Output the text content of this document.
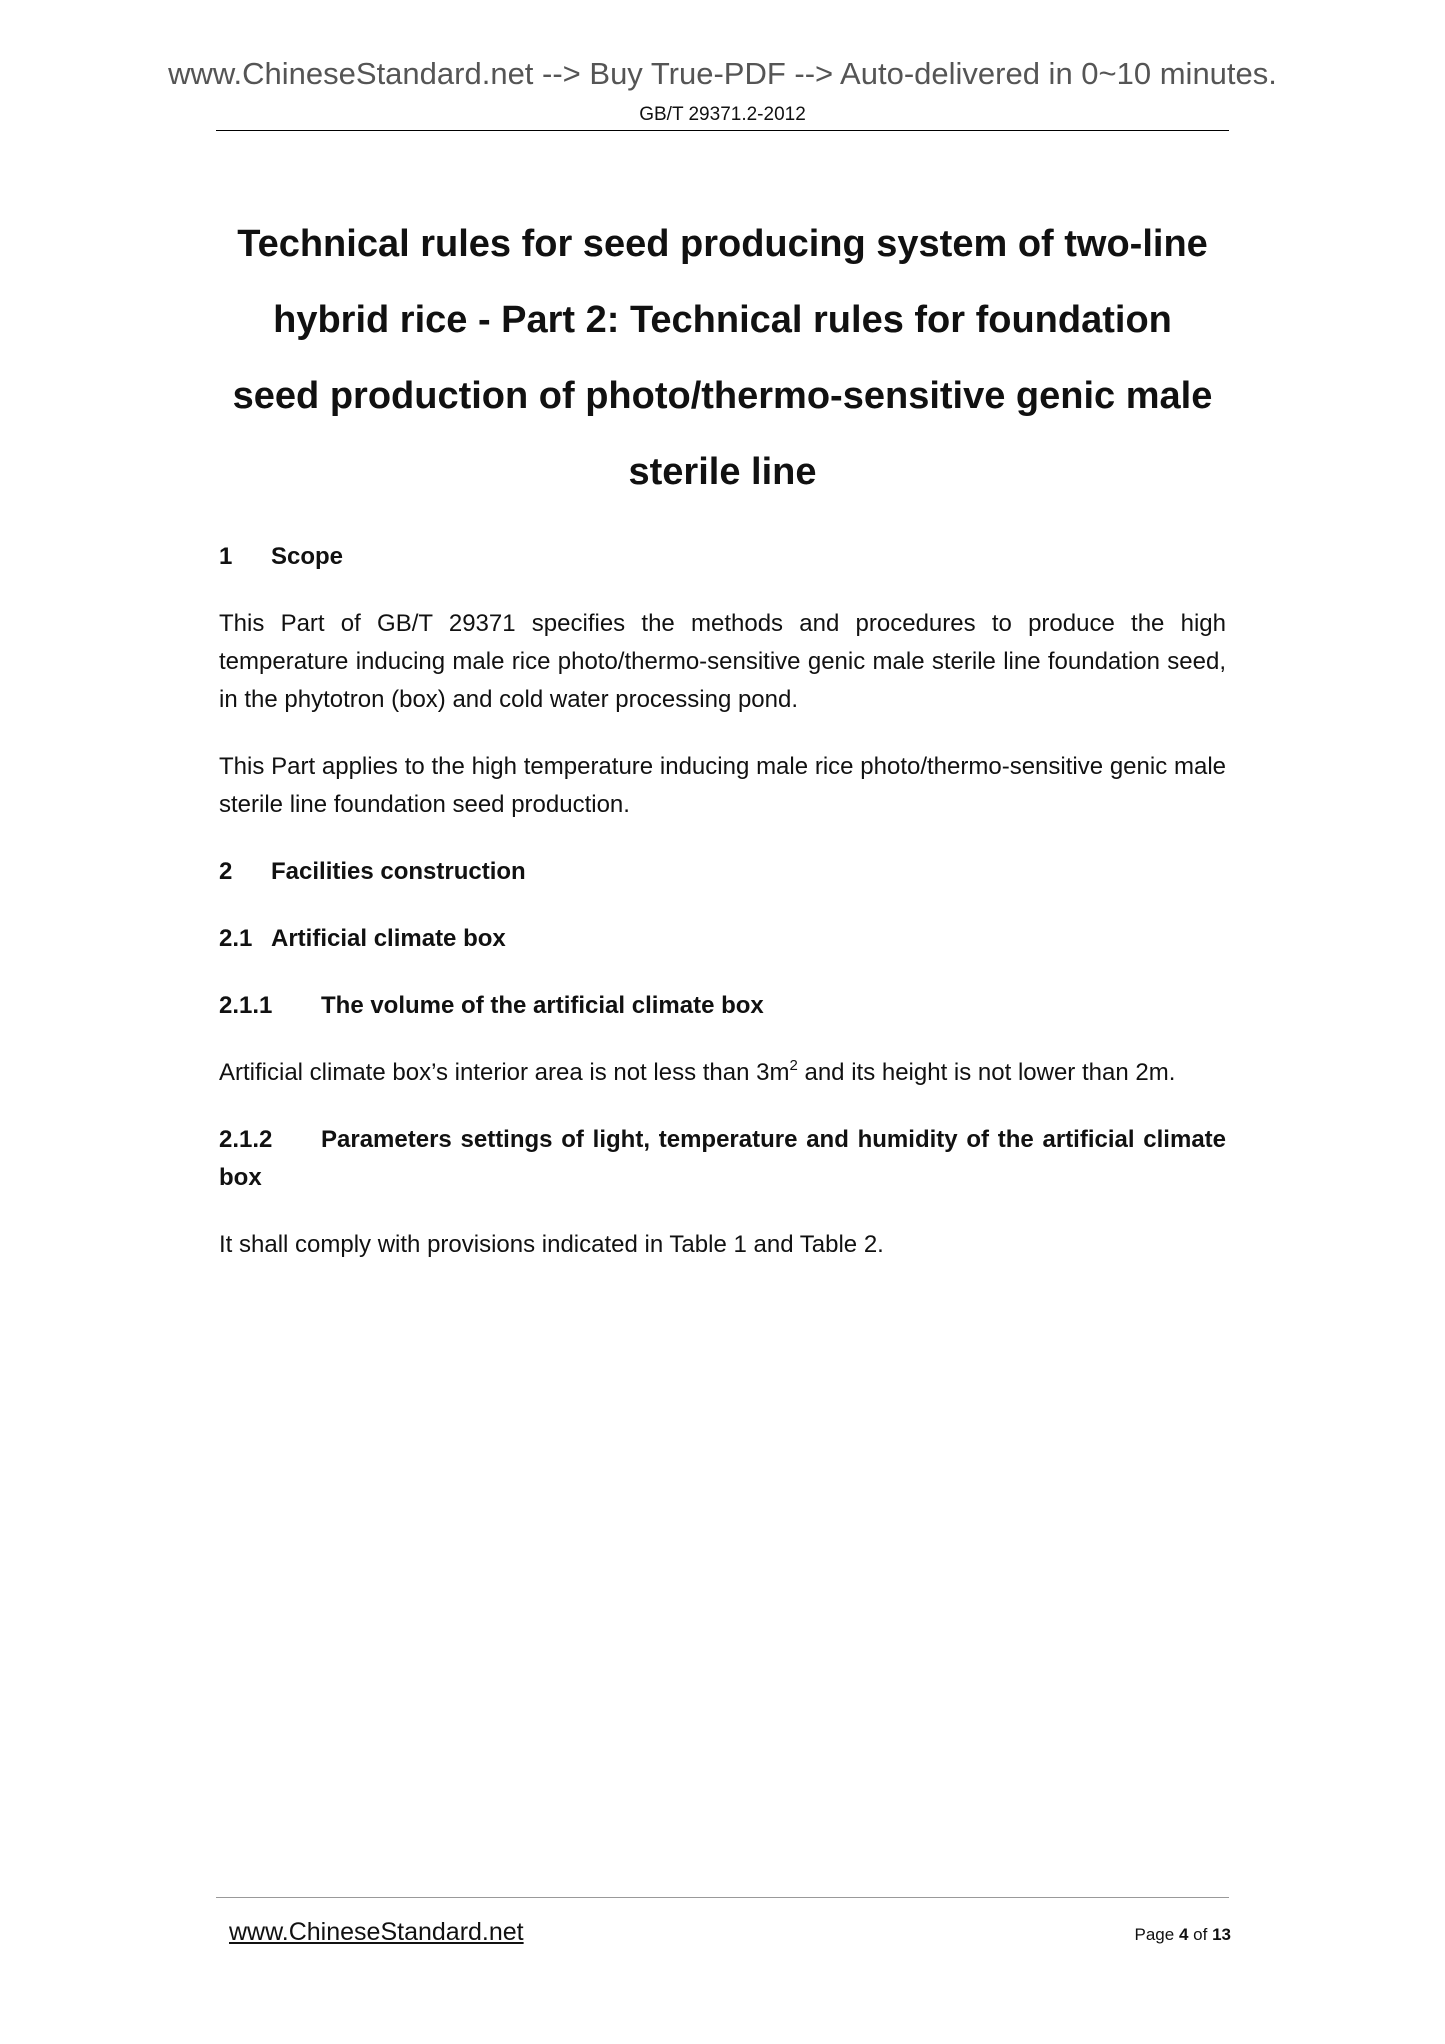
www.ChineseStandard.net --> Buy True-PDF --> Auto-delivered in 0~10 minutes.
GB/T 29371.2-2012
Technical rules for seed producing system of two-line
hybrid rice - Part 2: Technical rules for foundation
seed production of photo/thermo-sensitive genic male
sterile line

1 Scope

This Part of GB/T 29371 specifies the methods and procedures to produce the high temperature inducing male rice photo/thermo-sensitive genic male sterile line foundation seed, in the phytotron (box) and cold water processing pond.

This Part applies to the high temperature inducing male rice photo/thermo-sensitive genic male sterile line foundation seed production.

2 Facilities construction

2.1 Artificial climate box

2.1.1 The volume of the artificial climate box

Artificial climate box’s interior area is not less than $3m^2$ and its height is not lower than 2m.

2.1.2 Parameters settings of light, temperature and humidity of the artificial climate box

It shall comply with provisions indicated in Table 1 and Table 2.

www.ChineseStandard.net	Page 4 of 13
